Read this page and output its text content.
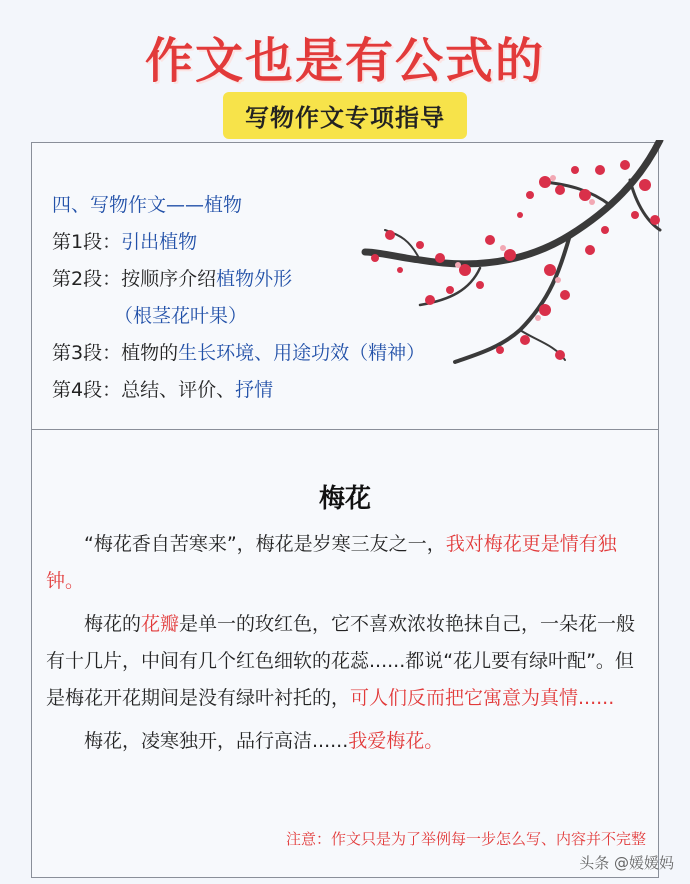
作文也是有公式的
写物作文专项指导
四、写物作文——植物
第1段：引出植物
第2段：按顺序介绍植物外形
（根茎花叶果）
第3段：植物的生长环境、用途功效（精神）
第4段：总结、评价、抒情
梅花

“梅花香自苦寒来”，梅花是岁寒三友之一，我对梅花更是情有独钟。

梅花的花瓣是单一的玫红色，它不喜欢浓妆艳抹自己，一朵花一般有十几片，中间有几个红色细软的花蕊......都说“花儿要有绿叶配”。但是梅花开花期间是没有绿叶衬托的，可人们反而把它寓意为真情......

梅花，凌寒独开，品行高洁......我爱梅花。

注意：作文只是为了举例每一步怎么写、内容并不完整
头条 @媛媛妈
